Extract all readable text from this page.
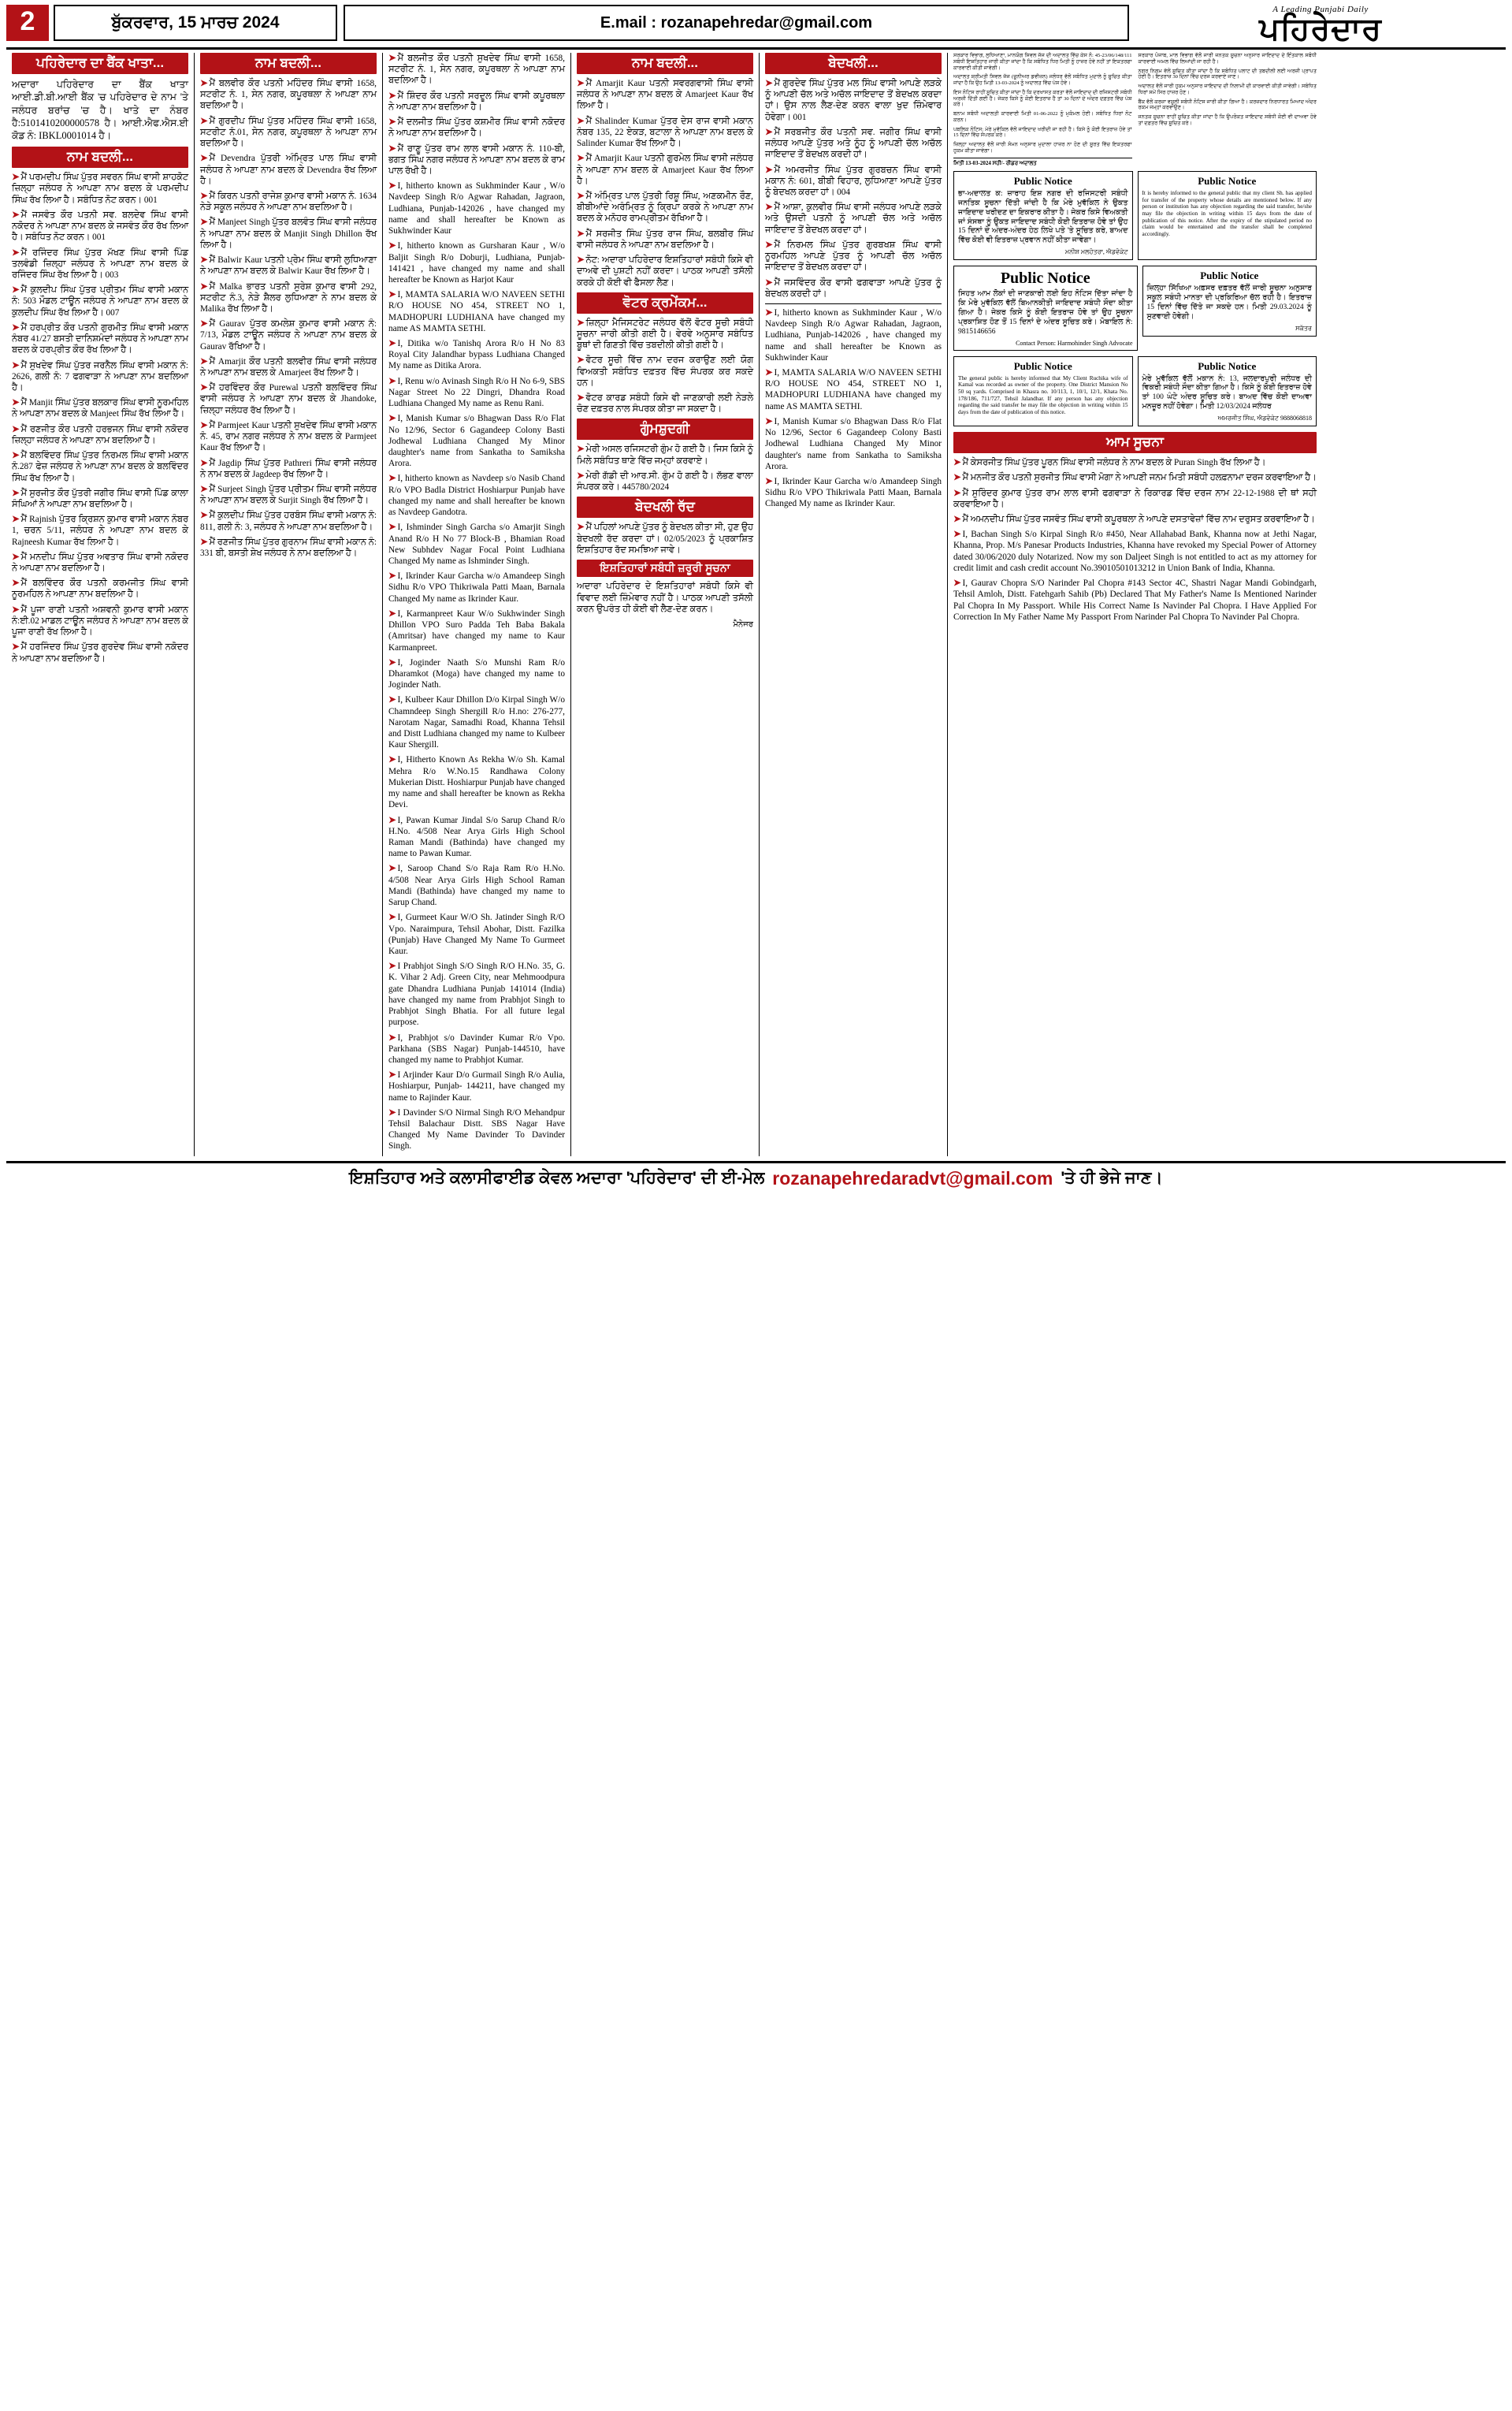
2	ਬੁੱਕਰਵਾਰ, 15 ਮਾਰਚ 2024	E.mail : rozanapehredar@gmail.com
A Leading Punjabi Daily
ਪਹਿਰੇਦਾਰ
ਪਹਿਰੇਦਾਰ ਦਾ ਬੈਂਕ ਖਾਤਾ...
ਅਦਾਰਾ ਪਹਿਰੇਦਾਰ ਦਾ ਬੈਂਕ ਖਾਤਾ ਆਈ.ਡੀ.ਬੀ.ਆਈ ਬੈਂਕ 'ਚ ਪਹਿਰੇਦਾਰ ਦੇ ਨਾਮ 'ਤੇ ਜਲੰਧਰ ਬਰਾਂਚ 'ਚ ਹੈ। ਖਾਤੇ ਦਾ ਨੰਬਰ ਹੈ:5101410200000578 ਹੈ। ਆਈ.ਐਫ.ਐਸ.ਈ ਕੋਡ ਨੰ: IBKL0001014 ਹੈ।
ਨਾਮ ਬਦਲੀ...
➤ ਮੈਂ ਪਰਮਦੀਪ ਸਿੰਘ ਪੁੱਤਰ ਸਵਰਨ ਸਿੰਘ ਵਾਸੀ ਸ਼ਾਹਕੋਟ ਜ਼ਿਲ੍ਹਾ ਜਲੰਧਰ ਨੇ ਆਪਣਾ ਨਾਮ ਬਦਲ ਕੇ ਪਰਮਦੀਪ ਸਿੰਘ ਰੱਖ ਲਿਆ ਹੈ। ਸਬੰਧਿਤ ਨੋਟ ਕਰਨ। 001
➤ ਮੈਂ ਜਸਵੰਤ ਕੌਰ ਪਤਨੀ ਸਵ. ਬਲਦੇਵ ਸਿੰਘ ਵਾਸੀ ਨਕੋਦਰ ਨੇ ਆਪਣਾ ਨਾਮ ਬਦਲ ਕੇ ਜਸਵੰਤ ਕੌਰ ਰੱਖ ਲਿਆ ਹੈ। ਸਬੰਧਿਤ ਨੋਟ ਕਰਨ। 001
➤ ਮੈਂ ਰਜਿੰਦਰ ਸਿੰਘ ਪੁੱਤਰ ਮੱਖਣ ਸਿੰਘ ਵਾਸੀ ਪਿੰਡ ਤਲਵੰਡੀ ਜ਼ਿਲ੍ਹਾ ਜਲੰਧਰ ਨੇ ਆਪਣਾ ਨਾਮ ਬਦਲ ਕੇ ਰਜਿੰਦਰ ਸਿੰਘ ਰੱਖ ਲਿਆ ਹੈ। 003
➤ ਮੈਂ ਕੁਲਦੀਪ ਸਿੰਘ ਪੁੱਤਰ ਪ੍ਰੀਤਮ ਸਿੰਘ ਵਾਸੀ ਮਕਾਨ ਨੰ: 503 ਮੌਡਲ ਟਾਊਨ ਜਲੰਧਰ ਨੇ ਆਪਣਾ ਨਾਮ ਬਦਲ ਕੇ ਕੁਲਦੀਪ ਸਿੰਘ ਰੱਖ ਲਿਆ ਹੈ। 007
➤ ਮੈਂ ਹਰਪ੍ਰੀਤ ਕੌਰ ਪਤਨੀ ਗੁਰਮੀਤ ਸਿੰਘ ਵਾਸੀ ਮਕਾਨ ਨੰਬਰ 41/27 ਬਸਤੀ ਦਾਨਿਸ਼ਮੰਦਾਂ ਜਲੰਧਰ ਨੇ ਆਪਣਾ ਨਾਮ ਬਦਲ ਕੇ ਹਰਪ੍ਰੀਤ ਕੌਰ ਰੱਖ ਲਿਆ ਹੈ।
➤ ਮੈਂ ਸੁਖਦੇਵ ਸਿੰਘ ਪੁੱਤਰ ਜਰਨੈਲ ਸਿੰਘ ਵਾਸੀ ਮਕਾਨ ਨੰ: 2626, ਗਲੀ ਨੰ: 7 ਫਗਵਾੜਾ ਨੇ ਆਪਣਾ ਨਾਮ ਬਦਲਿਆ ਹੈ।
➤ ਮੈਂ Manjit ਸਿੰਘ ਪੁੱਤਰ ਬਲਕਾਰ ਸਿੰਘ ਵਾਸੀ ਨੂਰਮਹਿਲ ਨੇ ਆਪਣਾ ਨਾਮ ਬਦਲ ਕੇ Manjeet ਸਿੰਘ ਰੱਖ ਲਿਆ ਹੈ।
➤ ਮੈਂ ਰਣਜੀਤ ਕੌਰ ਪਤਨੀ ਹਰਭਜਨ ਸਿੰਘ ਵਾਸੀ ਨਕੋਦਰ ਜ਼ਿਲ੍ਹਾ ਜਲੰਧਰ ਨੇ ਆਪਣਾ ਨਾਮ ਬਦਲਿਆ ਹੈ।
➤ ਮੈਂ ਬਲਵਿੰਦਰ ਸਿੰਘ ਪੁੱਤਰ ਨਿਰਮਲ ਸਿੰਘ ਵਾਸੀ ਮਕਾਨ ਨੰ.287 ਫੇਜ਼ ਜਲੰਧਰ ਨੇ ਆਪਣਾ ਨਾਮ ਬਦਲ ਕੇ ਬਲਵਿੰਦਰ ਸਿੰਘ ਰੱਖ ਲਿਆ ਹੈ।
➤ ਮੈਂ ਸੁਰਜੀਤ ਕੌਰ ਪੁੱਤਰੀ ਜਗੀਰ ਸਿੰਘ ਵਾਸੀ ਪਿੰਡ ਕਾਲਾ ਸੰਘਿਆਂ ਨੇ ਆਪਣਾ ਨਾਮ ਬਦਲਿਆ ਹੈ।
➤ ਮੈਂ Rajnish ਪੁੱਤਰ ਕ੍ਰਿਸ਼ਨ ਕੁਮਾਰ ਵਾਸੀ ਮਕਾਨ ਨੰਬਰ 1, ਚਰਨ 5/11, ਜਲੰਧਰ ਨੇ ਆਪਣਾ ਨਾਮ ਬਦਲ ਕੇ Rajneesh Kumar ਰੱਖ ਲਿਆ ਹੈ।
➤ ਮੈਂ ਮਨਦੀਪ ਸਿੰਘ ਪੁੱਤਰ ਅਵਤਾਰ ਸਿੰਘ ਵਾਸੀ ਨਕੋਦਰ ਨੇ ਆਪਣਾ ਨਾਮ ਬਦਲਿਆ ਹੈ।
➤ ਮੈਂ ਬਲਵਿੰਦਰ ਕੌਰ ਪਤਨੀ ਕਰਮਜੀਤ ਸਿੰਘ ਵਾਸੀ ਨੂਰਮਹਿਲ ਨੇ ਆਪਣਾ ਨਾਮ ਬਦਲਿਆ ਹੈ।
➤ ਮੈਂ ਪੂਜਾ ਰਾਣੀ ਪਤਨੀ ਅਸ਼ਵਨੀ ਕੁਮਾਰ ਵਾਸੀ ਮਕਾਨ ਨੰ:ਈ.02 ਮਾਡਲ ਟਾਊਨ ਜਲੰਧਰ ਨੇ ਆਪਣਾ ਨਾਮ ਬਦਲ ਕੇ ਪੂਜਾ ਰਾਣੀ ਰੱਖ ਲਿਆ ਹੈ।
➤ ਮੈਂ ਹਰਜਿੰਦਰ ਸਿੰਘ ਪੁੱਤਰ ਗੁਰਦੇਵ ਸਿੰਘ ਵਾਸੀ ਨਕੋਦਰ ਨੇ ਆਪਣਾ ਨਾਮ ਬਦਲਿਆ ਹੈ।
ਨਾਮ ਬਦਲੀ...
➤ ਮੈਂ ਬਲਵੀਰ ਕੌਰ ਪਤਨੀ ਮਹਿੰਦਰ ਸਿੰਘ ਵਾਸੀ 1658, ਸਟਰੀਟ ਨੰ. 1, ਸੇਨ ਨਗਰ, ਕਪੂਰਥਲਾ ਨੇ ਆਪਣਾ ਨਾਮ ਬਦਲਿਆ ਹੈ।
➤ ਮੈਂ ਗੁਰਦੀਪ ਸਿੰਘ ਪੁੱਤਰ ਮਹਿੰਦਰ ਸਿੰਘ ਵਾਸੀ 1658, ਸਟਰੀਟ ਨੰ.01, ਸੇਨ ਨਗਰ, ਕਪੂਰਥਲਾ ਨੇ ਆਪਣਾ ਨਾਮ ਬਦਲਿਆ ਹੈ।
➤ ਮੈਂ Devendra ਪੁੱਤਰੀ ਅੰਮ੍ਰਿਤ ਪਾਲ ਸਿੰਘ ਵਾਸੀ ਜਲੰਧਰ ਨੇ ਆਪਣਾ ਨਾਮ ਬਦਲ ਕੇ Devendra ਰੱਖ ਲਿਆ ਹੈ।
➤ ਮੈਂ ਕਿਰਨ ਪਤਨੀ ਰਾਜੇਸ਼ ਕੁਮਾਰ ਵਾਸੀ ਮਕਾਨ ਨੰ. 1634 ਨੇੜੇ ਸਕੂਲ ਜਲੰਧਰ ਨੇ ਆਪਣਾ ਨਾਮ ਬਦਲਿਆ ਹੈ।
➤ ਮੈਂ Manjeet Singh ਪੁੱਤਰ ਬਲਵੰਤ ਸਿੰਘ ਵਾਸੀ ਜਲੰਧਰ ਨੇ ਆਪਣਾ ਨਾਮ ਬਦਲ ਕੇ Manjit Singh Dhillon ਰੱਖ ਲਿਆ ਹੈ।
➤ ਮੈਂ Balwir Kaur ਪਤਨੀ ਪ੍ਰੇਮ ਸਿੰਘ ਵਾਸੀ ਲੁਧਿਆਣਾ ਨੇ ਆਪਣਾ ਨਾਮ ਬਦਲ ਕੇ Balwir Kaur ਰੱਖ ਲਿਆ ਹੈ।
➤ ਮੈਂ Malka ਭਾਰਤ ਪਤਨੀ ਸੁਰੇਸ਼ ਕੁਮਾਰ ਵਾਸੀ 292, ਸਟਰੀਟ ਨੰ.3, ਨੇੜੇ ਸ਼ੈਲਰ ਲੁਧਿਆਣਾ ਨੇ ਨਾਮ ਬਦਲ ਕੇ Malika ਰੱਖ ਲਿਆ ਹੈ।
➤ ਮੈਂ Gaurav ਪੁੱਤਰ ਕਮਲੇਸ਼ ਕੁਮਾਰ ਵਾਸੀ ਮਕਾਨ ਨੰ: 7/13, ਮੌਡਲ ਟਾਊਨ ਜਲੰਧਰ ਨੇ ਆਪਣਾ ਨਾਮ ਬਦਲ ਕੇ Gaurav ਰੱਖਿਆ ਹੈ।
➤ ਮੈਂ Amarjit ਕੌਰ ਪਤਨੀ ਬਲਵੀਰ ਸਿੰਘ ਵਾਸੀ ਜਲੰਧਰ ਨੇ ਆਪਣਾ ਨਾਮ ਬਦਲ ਕੇ Amarjeet ਰੱਖ ਲਿਆ ਹੈ।
➤ ਮੈਂ ਹਰਵਿੰਦਰ ਕੌਰ Purewal ਪਤਨੀ ਬਲਵਿੰਦਰ ਸਿੰਘ ਵਾਸੀ ਜਲੰਧਰ ਨੇ ਆਪਣਾ ਨਾਮ ਬਦਲ ਕੇ Jhandoke, ਜ਼ਿਲ੍ਹਾ ਜਲੰਧਰ ਰੱਖ ਲਿਆ ਹੈ।
➤ ਮੈਂ Parmjeet Kaur ਪਤਨੀ ਸੁਖਦੇਵ ਸਿੰਘ ਵਾਸੀ ਮਕਾਨ ਨੰ. 45, ਰਾਮ ਨਗਰ ਜਲੰਧਰ ਨੇ ਨਾਮ ਬਦਲ ਕੇ Parmjeet Kaur ਰੱਖ ਲਿਆ ਹੈ।
➤ ਮੈਂ Jagdip ਸਿੰਘ ਪੁੱਤਰ Pathreri ਸਿੰਘ ਵਾਸੀ ਜਲੰਧਰ ਨੇ ਨਾਮ ਬਦਲ ਕੇ Jagdeep ਰੱਖ ਲਿਆ ਹੈ।
➤ ਮੈਂ Surjeet Singh ਪੁੱਤਰ ਪ੍ਰੀਤਮ ਸਿੰਘ ਵਾਸੀ ਜਲੰਧਰ ਨੇ ਆਪਣਾ ਨਾਮ ਬਦਲ ਕੇ Surjit Singh ਰੱਖ ਲਿਆ ਹੈ।
➤ ਮੈਂ ਕੁਲਦੀਪ ਸਿੰਘ ਪੁੱਤਰ ਹਰਬੰਸ ਸਿੰਘ ਵਾਸੀ ਮਕਾਨ ਨੰ: 811, ਗਲੀ ਨੰ: 3, ਜਲੰਧਰ ਨੇ ਆਪਣਾ ਨਾਮ ਬਦਲਿਆ ਹੈ।
➤ ਮੈਂ ਰਣਜੀਤ ਸਿੰਘ ਪੁੱਤਰ ਗੁਰਨਾਮ ਸਿੰਘ ਵਾਸੀ ਮਕਾਨ ਨੰ: 331 ਬੀ, ਬਸਤੀ ਸ਼ੇਖ ਜਲੰਧਰ ਨੇ ਨਾਮ ਬਦਲਿਆ ਹੈ।
➤ ਮੈਂ ਬਲਜੀਤ ਕੌਰ ਪਤਨੀ ਸੁਖਦੇਵ ਸਿੰਘ ਵਾਸੀ 1658, ਸਟਰੀਟ ਨੰ. 1, ਸੇਨ ਨਗਰ, ਕਪੂਰਥਲਾ ਨੇ ਆਪਣਾ ਨਾਮ ਬਦਲਿਆ ਹੈ।
➤ ਮੈਂ ਸ਼ਿੰਦਰ ਕੌਰ ਪਤਨੀ ਸਰਦੂਲ ਸਿੰਘ ਵਾਸੀ ਕਪੂਰਥਲਾ ਨੇ ਆਪਣਾ ਨਾਮ ਬਦਲਿਆ ਹੈ।
➤ ਮੈਂ ਦਲਜੀਤ ਸਿੰਘ ਪੁੱਤਰ ਕਸ਼ਮੀਰ ਸਿੰਘ ਵਾਸੀ ਨਕੋਦਰ ਨੇ ਆਪਣਾ ਨਾਮ ਬਦਲਿਆ ਹੈ।
➤ ਮੈਂ ਰਾਣੂ ਪੁੱਤਰ ਰਾਮ ਲਾਲ ਵਾਸੀ ਮਕਾਨ ਨੰ. 110-ਬੀ, ਭਗਤ ਸਿੰਘ ਨਗਰ ਜਲੰਧਰ ਨੇ ਆਪਣਾ ਨਾਮ ਬਦਲ ਕੇ ਰਾਮ ਪਾਲ ਰੱਖੀ ਹੈ।
➤ I, hitherto known as Sukhminder Kaur , W/o Navdeep Singh R/o Agwar Rahadan, Jagraon, Ludhiana, Punjab-142026 , have changed my name and shall hereafter be Known as Sukhwinder Kaur
➤ I, hitherto known as Gursharan Kaur , W/o Baljit Singh R/o Doburji, Ludhiana, Punjab-141421 , have changed my name and shall hereafter be Known as Harjot Kaur
➤ I, MAMTA SALARIA W/O NAVEEN SETHI R/O HOUSE NO 454, STREET NO 1, MADHOPURI LUDHIANA have changed my name AS MAMTA SETHI.
➤ I, Ditika w/o Tanishq Arora R/o H No 83 Royal City Jalandhar bypass Ludhiana Changed My name as Ditika Arora.
➤ I, Renu w/o Avinash Singh R/o H No 6-9, SBS Nagar Street No 22 Dingri, Dhandra Road Ludhiana Changed My name as Renu Rani.
➤ I, Manish Kumar s/o Bhagwan Dass R/o Flat No 12/96, Sector 6 Gagandeep Colony Basti Jodhewal Ludhiana Changed My Minor daughter's name from Sankatha to Samiksha Arora.
➤ I, hitherto known as Navdeep s/o Nasib Chand R/o VPO Badla District Hoshiarpur Punjab have changed my name and shall hereafter be known as Navdeep Gandotra.
➤ I, Ishminder Singh Garcha s/o Amarjit Singh Anand R/o H No 77 Block-B , Bhamian Road New Subhdev Nagar Focal Point Ludhiana Changed My name as Ishminder Singh.
➤ I, Ikrinder Kaur Garcha w/o Amandeep Singh Sidhu R/o VPO Thikriwala Patti Maan, Barnala Changed My name as Ikrinder Kaur.
➤ I, Karmanpreet Kaur W/o Sukhwinder Singh Dhillon VPO Suro Padda Teh Baba Bakala (Amritsar) have changed my name to Kaur Karmanpreet.
➤ I, Joginder Naath S/o Munshi Ram R/o Dharamkot (Moga) have changed my name to Joginder Nath.
➤ I, Kulbeer Kaur Dhillon D/o Kirpal Singh W/o Chamndeep Singh Shergill R/o H.no: 276-277, Narotam Nagar, Samadhi Road, Khanna Tehsil and Distt Ludhiana changed my name to Kulbeer Kaur Shergill.
➤ I, Hitherto Known As Rekha W/o Sh. Kamal Mehra R/o W.No.15 Randhawa Colony Mukerian Distt. Hoshiarpur Punjab have changed my name and shall hereafter be known as Rekha Devi.
➤ I, Pawan Kumar Jindal S/o Sarup Chand R/o H.No. 4/508 Near Arya Girls High School Raman Mandi (Bathinda) have changed my name to Pawan Kumar.
➤ I, Saroop Chand S/o Raja Ram R/o H.No. 4/508 Near Arya Girls High School Raman Mandi (Bathinda) have changed my name to Sarup Chand.
➤ I, Gurmeet Kaur W/O Sh. Jatinder Singh R/O Vpo. Naraimpura, Tehsil Abohar, Distt. Fazilka (Punjab) Have Changed My Name To Gurmeet Kaur.
➤ I Prabhjot Singh S/O Singh R/O H.No. 35, G. K. Vihar 2 Adj. Green City, near Mehmoodpura gate Dhandra Ludhiana Punjab 141014 (India) have changed my name from Prabhjot Singh to Prabhjot Singh Bhatia. For all future legal purpose.
➤ I, Prabhjot s/o Davinder Kumar R/o Vpo. Parkhana (SBS Nagar) Punjab-144510, have changed my name to Prabhjot Kumar.
➤ I Arjinder Kaur D/o Gurmail Singh R/o Aulia, Hoshiarpur, Punjab- 144211, have changed my name to Rajinder Kaur.
➤ I Davinder S/O Nirmal Singh R/O Mehandpur Tehsil Balachaur Distt. SBS Nagar Have Changed My Name Davinder To Davinder Singh.
ਨਾਮ ਬਦਲੀ...
➤ ਮੈਂ Amarjit Kaur ਪਤਨੀ ਸਵਰਗਵਾਸੀ ਸਿੰਘ ਵਾਸੀ ਜਲੰਧਰ ਨੇ ਆਪਣਾ ਨਾਮ ਬਦਲ ਕੇ Amarjeet Kaur ਰੱਖ ਲਿਆ ਹੈ।
➤ ਮੈਂ Shalinder Kumar ਪੁੱਤਰ ਦੇਸ ਰਾਜ ਵਾਸੀ ਮਕਾਨ ਨੰਬਰ 135, 22 ਏਕੜ, ਬਟਾਲਾ ਨੇ ਆਪਣਾ ਨਾਮ ਬਦਲ ਕੇ Salinder Kumar ਰੱਖ ਲਿਆ ਹੈ।
➤ ਮੈਂ Amarjit Kaur ਪਤਨੀ ਗੁਰਮੇਲ ਸਿੰਘ ਵਾਸੀ ਜਲੰਧਰ ਨੇ ਆਪਣਾ ਨਾਮ ਬਦਲ ਕੇ Amarjeet Kaur ਰੱਖ ਲਿਆ ਹੈ।
➤ ਮੈਂ ਅੰਮ੍ਰਿਤ ਪਾਲ ਪੁੱਤਰੀ ਰਿਸ਼ੂ ਸਿੰਘ, ਅਣਕਮੀਨ ਰੌਣ, ਬੀਬੀਆਂਦੇ ਅਰੰਮ੍ਰਿਤ ਨੂੰ ਕ੍ਰਿਪਾ ਕਰਕੇ ਨੇ ਆਪਣਾ ਨਾਮ ਬਦਲ ਕੇ ਮਨੋਹਰ ਰਾਮਪ੍ਰੀਤਮ ਰੱਖਿਆ ਹੈ।
➤ ਮੈਂ ਸਰਜੀਤ ਸਿੰਘ ਪੁੱਤਰ ਰਾਜ ਸਿੰਘ, ਬਲਬੀਰ ਸਿੰਘ ਵਾਸੀ ਜਲੰਧਰ ਨੇ ਆਪਣਾ ਨਾਮ ਬਦਲਿਆ ਹੈ।
➤ ਨੋਟ: ਅਦਾਰਾ ਪਹਿਰੇਦਾਰ ਇਸ਼ਤਿਹਾਰਾਂ ਸਬੰਧੀ ਕਿਸੇ ਵੀ ਦਾਅਵੇ ਦੀ ਪੁਸ਼ਟੀ ਨਹੀਂ ਕਰਦਾ। ਪਾਠਕ ਆਪਣੀ ਤਸੱਲੀ ਕਰਕੇ ਹੀ ਕੋਈ ਵੀ ਫੈਸਲਾ ਲੈਣ।
ਵੋਟਰ ਕ੍ਰਮੇਂਕਮ...
➤ ਜ਼ਿਲ੍ਹਾ ਮੈਜਿਸਟਰੇਟ ਜਲੰਧਰ ਵੱਲੋਂ ਵੋਟਰ ਸੂਚੀ ਸਬੰਧੀ ਸੂਚਨਾ ਜਾਰੀ ਕੀਤੀ ਗਈ ਹੈ। ਵੇਰਵੇ ਅਨੁਸਾਰ ਸਬੰਧਿਤ ਬੂਥਾਂ ਦੀ ਗਿਣਤੀ ਵਿੱਚ ਤਬਦੀਲੀ ਕੀਤੀ ਗਈ ਹੈ।
➤ ਵੋਟਰ ਸੂਚੀ ਵਿੱਚ ਨਾਮ ਦਰਜ ਕਰਾਉਣ ਲਈ ਯੋਗ ਵਿਅਕਤੀ ਸਬੰਧਿਤ ਦਫ਼ਤਰ ਵਿੱਚ ਸੰਪਰਕ ਕਰ ਸਕਦੇ ਹਨ।
➤ ਵੋਟਰ ਕਾਰਡ ਸਬੰਧੀ ਕਿਸੇ ਵੀ ਜਾਣਕਾਰੀ ਲਈ ਨੇੜਲੇ ਚੋਣ ਦਫ਼ਤਰ ਨਾਲ ਸੰਪਰਕ ਕੀਤਾ ਜਾ ਸਕਦਾ ਹੈ।
ਗੁੰਮਸ਼ੁਦਗੀ
➤ ਮੇਰੀ ਅਸਲ ਰਜਿਸਟਰੀ ਗੁੰਮ ਹੋ ਗਈ ਹੈ। ਜਿਸ ਕਿਸੇ ਨੂੰ ਮਿਲੇ ਸਬੰਧਿਤ ਥਾਣੇ ਵਿੱਚ ਜਮ੍ਹਾਂ ਕਰਵਾਏ।
➤ ਮੇਰੀ ਗੱਡੀ ਦੀ ਆਰ.ਸੀ. ਗੁੰਮ ਹੋ ਗਈ ਹੈ। ਲੱਭਣ ਵਾਲਾ ਸੰਪਰਕ ਕਰੇ। 445780/2024
ਬੇਦਖਲੀ ਰੱਦ
➤ ਮੈਂ ਪਹਿਲਾਂ ਆਪਣੇ ਪੁੱਤਰ ਨੂੰ ਬੇਦਖਲ ਕੀਤਾ ਸੀ, ਹੁਣ ਉਹ ਬੇਦਖਲੀ ਰੱਦ ਕਰਦਾ ਹਾਂ। 02/05/2023 ਨੂੰ ਪ੍ਰਕਾਸ਼ਿਤ ਇਸ਼ਤਿਹਾਰ ਰੱਦ ਸਮਝਿਆ ਜਾਵੇ।
ਇਸ਼ਤਿਹਾਰਾਂ ਸਬੰਧੀ ਜ਼ਰੂਰੀ ਸੂਚਨਾ
ਅਦਾਰਾ ਪਹਿਰੇਦਾਰ ਦੇ ਇਸ਼ਤਿਹਾਰਾਂ ਸਬੰਧੀ ਕਿਸੇ ਵੀ ਵਿਵਾਦ ਲਈ ਜ਼ਿੰਮੇਵਾਰ ਨਹੀਂ ਹੈ। ਪਾਠਕ ਆਪਣੀ ਤਸੱਲੀ ਕਰਨ ਉਪਰੰਤ ਹੀ ਕੋਈ ਵੀ ਲੈਣ-ਦੇਣ ਕਰਨ।
ਮੈਨੇਜਰ
ਬੇਦਖਲੀ...
➤ ਮੈਂ ਗੁਰਦੇਵ ਸਿੰਘ ਪੁੱਤਰ ਮਲ ਸਿੰਘ ਵਾਸੀ ਆਪਣੇ ਲੜਕੇ ਨੂੰ ਆਪਣੀ ਚੱਲ ਅਤੇ ਅਚੱਲ ਜਾਇਦਾਦ ਤੋਂ ਬੇਦਖਲ ਕਰਦਾ ਹਾਂ। ਉਸ ਨਾਲ ਲੈਣ-ਦੇਣ ਕਰਨ ਵਾਲਾ ਖੁਦ ਜ਼ਿੰਮੇਵਾਰ ਹੋਵੇਗਾ। 001
➤ ਮੈਂ ਸਰਬਜੀਤ ਕੌਰ ਪਤਨੀ ਸਵ. ਜਗੀਰ ਸਿੰਘ ਵਾਸੀ ਜਲੰਧਰ ਆਪਣੇ ਪੁੱਤਰ ਅਤੇ ਨੂੰਹ ਨੂੰ ਆਪਣੀ ਚੱਲ ਅਚੱਲ ਜਾਇਦਾਦ ਤੋਂ ਬੇਦਖਲ ਕਰਦੀ ਹਾਂ।
➤ ਮੈਂ ਅਮਰਜੀਤ ਸਿੰਘ ਪੁੱਤਰ ਗੁਰਬਚਨ ਸਿੰਘ ਵਾਸੀ ਮਕਾਨ ਨੰ: 601, ਬੀਬੀ ਵਿਹਾਰ, ਲੁਧਿਆਣਾ ਆਪਣੇ ਪੁੱਤਰ ਨੂੰ ਬੇਦਖਲ ਕਰਦਾ ਹਾਂ। 004
➤ ਮੈਂ ਆਸ਼ਾ, ਕੁਲਵੀਰ ਸਿੰਘ ਵਾਸੀ ਜਲੰਧਰ ਆਪਣੇ ਲੜਕੇ ਅਤੇ ਉਸਦੀ ਪਤਨੀ ਨੂੰ ਆਪਣੀ ਚੱਲ ਅਤੇ ਅਚੱਲ ਜਾਇਦਾਦ ਤੋਂ ਬੇਦਖਲ ਕਰਦਾ ਹਾਂ।
➤ ਮੈਂ ਨਿਰਮਲ ਸਿੰਘ ਪੁੱਤਰ ਗੁਰਬਖਸ਼ ਸਿੰਘ ਵਾਸੀ ਨੂਰਮਹਿਲ ਆਪਣੇ ਪੁੱਤਰ ਨੂੰ ਆਪਣੀ ਚੱਲ ਅਚੱਲ ਜਾਇਦਾਦ ਤੋਂ ਬੇਦਖਲ ਕਰਦਾ ਹਾਂ।
➤ ਮੈਂ ਜਸਵਿੰਦਰ ਕੌਰ ਵਾਸੀ ਫਗਵਾੜਾ ਆਪਣੇ ਪੁੱਤਰ ਨੂੰ ਬੇਦਖਲ ਕਰਦੀ ਹਾਂ।
➤ I, hitherto known as Sukhminder Kaur , W/o Navdeep Singh R/o Agwar Rahadan, Jagraon, Ludhiana, Punjab-142026 , have changed my name and shall hereafter be Known as Sukhwinder Kaur
➤ I, MAMTA SALARIA W/O NAVEEN SETHI R/O HOUSE NO 454, STREET NO 1, MADHOPURI LUDHIANA have changed my name AS MAMTA SETHI.
➤ I, Manish Kumar s/o Bhagwan Dass R/o Flat No 12/96, Sector 6 Gagandeep Colony Basti Jodhewal Ludhiana Changed My Minor daughter's name from Sankatha to Samiksha Arora.
➤ I, Ikrinder Kaur Garcha w/o Amandeep Singh Sidhu R/o VPO Thikriwala Patti Maan, Barnala Changed My name as Ikrinder Kaur.

ਸਰਕਾਰ ਵਿਭਾਗ, ਲੁਧਿਆਣਾ, ਮਾਨਯੋਗ ਸਿਵਲ ਜੱਜ ਦੀ ਅਦਾਲਤ ਵਿੱਚ ਕੇਸ ਨੰ: 45-23/06/148/111 ਸਬੰਧੀ ਇਸ਼ਤਿਹਾਰ ਜਾਰੀ ਕੀਤਾ ਜਾਂਦਾ ਹੈ ਕਿ ਸਬੰਧਿਤ ਧਿਰ ਮਿਤੀ ਨੂੰ ਹਾਜ਼ਰ ਹੋਵੇ ਨਹੀਂ ਤਾਂ ਇਕਤਰਫਾ ਕਾਰਵਾਈ ਕੀਤੀ ਜਾਵੇਗੀ।

ਅਦਾਲਤ ਸ਼੍ਰੀਮਤੀ ਸਿਵਲ ਜੱਜ (ਜੂਨੀਅਰ ਡਵੀਜ਼ਨ) ਜਲੰਧਰ ਵੱਲੋਂ ਸਬੰਧਿਤ ਮੁਦਾਲੇ ਨੂੰ ਸੂਚਿਤ ਕੀਤਾ ਜਾਂਦਾ ਹੈ ਕਿ ਉਹ ਮਿਤੀ 13-03-2024 ਨੂੰ ਅਦਾਲਤ ਵਿੱਚ ਪੇਸ਼ ਹੋਵੇ।

ਇਸ ਨੋਟਿਸ ਰਾਹੀਂ ਸੂਚਿਤ ਕੀਤਾ ਜਾਂਦਾ ਹੈ ਕਿ ਦਰਖਾਸਤ ਕਰਤਾ ਵੱਲੋਂ ਜਾਇਦਾਦ ਦੀ ਰਜਿਸਟਰੀ ਸਬੰਧੀ ਅਰਜ਼ੀ ਦਿੱਤੀ ਗਈ ਹੈ। ਜੇਕਰ ਕਿਸੇ ਨੂੰ ਕੋਈ ਇਤਰਾਜ਼ ਹੈ ਤਾਂ 30 ਦਿਨਾਂ ਦੇ ਅੰਦਰ ਦਫ਼ਤਰ ਵਿੱਚ ਪੇਸ਼ ਕਰੇ।

ਬਨਾਮ ਸਬੰਧੀ ਅਦਾਲਤੀ ਕਾਰਵਾਈ ਮਿਤੀ 01-06-2022 ਨੂੰ ਮੁਕੰਮਲ ਹੋਈ। ਸਬੰਧਿਤ ਧਿਰਾਂ ਨੋਟ ਕਰਨ।

ਪਬਲਿਕ ਨੋਟਿਸ: ਮੇਰੇ ਮੁਵੱਕਿਲ ਵੱਲੋਂ ਜਾਇਦਾਦ ਖਰੀਦੀ ਜਾ ਰਹੀ ਹੈ। ਕਿਸੇ ਨੂੰ ਕੋਈ ਇਤਰਾਜ਼ ਹੋਵੇ ਤਾਂ 15 ਦਿਨਾਂ ਵਿੱਚ ਸੰਪਰਕ ਕਰੇ।

ਜ਼ਿਲ੍ਹਾ ਅਦਾਲਤ ਵੱਲੋਂ ਜਾਰੀ ਸੰਮਨ ਅਨੁਸਾਰ ਮੁਦਾਲਾ ਹਾਜ਼ਰ ਨਾ ਹੋਣ ਦੀ ਸੂਰਤ ਵਿੱਚ ਇਕਤਰਫਾ ਹੁਕਮ ਕੀਤਾ ਜਾਵੇਗਾ।

ਮਿਤੀ 13-03-2024 ਸਹੀ/- ਰੀਡਰ ਅਦਾਲਤ

ਸਰਕਾਰ ਪੰਜਾਬ, ਮਾਲ ਵਿਭਾਗ ਵੱਲੋਂ ਜਾਰੀ ਜਨਤਕ ਸੂਚਨਾ ਅਨੁਸਾਰ ਜਾਇਦਾਦ ਦੇ ਇੰਤਕਾਲ ਸਬੰਧੀ ਕਾਰਵਾਈ ਅਮਲ ਵਿੱਚ ਲਿਆਂਦੀ ਜਾ ਰਹੀ ਹੈ।

ਨਗਰ ਨਿਗਮ ਵੱਲੋਂ ਸੂਚਿਤ ਕੀਤਾ ਜਾਂਦਾ ਹੈ ਕਿ ਸਬੰਧਿਤ ਪਲਾਟ ਦੀ ਤਬਦੀਲੀ ਲਈ ਅਰਜ਼ੀ ਪ੍ਰਾਪਤ ਹੋਈ ਹੈ। ਇਤਰਾਜ਼ 30 ਦਿਨਾਂ ਵਿੱਚ ਦਰਜ ਕਰਵਾਏ ਜਾਣ।

ਅਦਾਲਤ ਵੱਲੋਂ ਜਾਰੀ ਹੁਕਮ ਅਨੁਸਾਰ ਜਾਇਦਾਦ ਦੀ ਨਿਲਾਮੀ ਦੀ ਕਾਰਵਾਈ ਕੀਤੀ ਜਾਵੇਗੀ। ਸਬੰਧਿਤ ਧਿਰਾਂ ਸਮੇਂ ਸਿਰ ਹਾਜ਼ਰ ਹੋਣ।

ਬੈਂਕ ਵੱਲੋਂ ਕਰਜ਼ਾ ਵਸੂਲੀ ਸਬੰਧੀ ਨੋਟਿਸ ਜਾਰੀ ਕੀਤਾ ਗਿਆ ਹੈ। ਕਰਜ਼ਦਾਰ ਨਿਰਧਾਰਤ ਮਿਆਦ ਅੰਦਰ ਰਕਮ ਜਮ੍ਹਾਂ ਕਰਵਾਉਣ।

ਜਨਤਕ ਸੂਚਨਾ ਰਾਹੀਂ ਸੂਚਿਤ ਕੀਤਾ ਜਾਂਦਾ ਹੈ ਕਿ ਉਪਰੋਕਤ ਜਾਇਦਾਦ ਸਬੰਧੀ ਕੋਈ ਵੀ ਦਾਅਵਾ ਹੋਵੇ ਤਾਂ ਦਫ਼ਤਰ ਵਿੱਚ ਸੂਚਿਤ ਕਰੇ।

Public Notice

ਭਾ-ਅਦਾਲਤ ਕ: ਜ਼ਾਰਾਹ ਇਸ਼ ਨਗਰ ਦੀ ਰਜਿਸਟਰੀ ਸਬੰਧੀ ਜਨਤਿਕ ਸੂਚਨਾ ਦਿੱਤੀ ਜਾਂਦੀ ਹੈ ਕਿ ਮੇਰੇ ਮੁਵੱਕਿਲ ਨੇ ਉਕਤ ਜਾਇਦਾਦ ਖਰੀਦਣ ਦਾ ਇਕਰਾਰ ਕੀਤਾ ਹੈ। ਜੇਕਰ ਕਿਸੇ ਵਿਅਕਤੀ ਜਾਂ ਸੰਸਥਾ ਨੂੰ ਉਕਤ ਜਾਇਦਾਦ ਸਬੰਧੀ ਕੋਈ ਇਤਰਾਜ਼ ਹੋਵੇ ਤਾਂ ਉਹ 15 ਦਿਨਾਂ ਦੇ ਅੰਦਰ-ਅੰਦਰ ਹੇਠ ਲਿਖੇ ਪਤੇ 'ਤੇ ਸੂਚਿਤ ਕਰੇ, ਬਾਅਦ ਵਿੱਚ ਕੋਈ ਵੀ ਇਤਰਾਜ਼ ਪ੍ਰਵਾਨ ਨਹੀਂ ਕੀਤਾ ਜਾਵੇਗਾ।

ਮਨੀਸ਼ ਮਲਹੋਤਰਾ, ਐਡਵੋਕੇਟ
Public Notice

It is hereby informed to the general public that my client Sh. has applied for transfer of the property whose details are mentioned below. If any person or institution has any objection regarding the said transfer, he/she may file the objection in writing within 15 days from the date of publication of this notice. After the expiry of the stipulated period no claim would be entertained and the transfer shall be completed accordingly.

Public Notice

ਸਿਹਤ ਆਮ ਲੋਕਾਂ ਦੀ ਜਾਣਕਾਰੀ ਲਈ ਇਹ ਨੋਟਿਸ ਦਿੱਤਾ ਜਾਂਦਾ ਹੈ ਕਿ ਮੇਰੇ ਮੁਵੱਕਿਲ ਵੱਲੋਂ ਬਿਆਨਕੀਤੀ ਜਾਇਦਾਦ ਸਬੰਧੀ ਸੌਦਾ ਕੀਤਾ ਗਿਆ ਹੈ। ਜੇਕਰ ਕਿਸੇ ਨੂੰ ਕੋਈ ਇਤਰਾਜ਼ ਹੋਵੇ ਤਾਂ ਉਹ ਸੂਚਨਾ ਪ੍ਰਕਾਸ਼ਿਤ ਹੋਣ ਤੋਂ 15 ਦਿਨਾਂ ਦੇ ਅੰਦਰ ਸੂਚਿਤ ਕਰੇ। ਮੋਬਾਇਲ ਨੰ: 9815146656

Contact Person: Harmohinder Singh Advocate
Public Notice

ਜ਼ਿਲ੍ਹਾ ਸਿੱਖਿਆ ਅਫ਼ਸਰ ਦਫ਼ਤਰ ਵੱਲੋਂ ਜਾਰੀ ਸੂਚਨਾ ਅਨੁਸਾਰ ਸਕੂਲ ਸਬੰਧੀ ਮਾਨਤਾ ਦੀ ਪ੍ਰਕਿਰਿਆ ਚੱਲ ਰਹੀ ਹੈ। ਇਤਰਾਜ਼ 15 ਦਿਨਾਂ ਵਿੱਚ ਦਿੱਤੇ ਜਾ ਸਕਦੇ ਹਨ। ਮਿਤੀ 29.03.2024 ਨੂੰ ਸੁਣਵਾਈ ਹੋਵੇਗੀ।

ਸਕੱਤਰ
Public Notice

The general public is hereby informed that My Client Ruchika wife of Kamal was recorded as owner of the property. One District Mansion No 50 sq yards. Comprised in Khasra no. 10/113, 1, 10/1, 12/1, Khata No. 178/186, 711/727, Tehsil Jalandhar. If any person has any objection regarding the said transfer he may file the objection in writing within 15 days from the date of publication of this notice.

Public Notice

ਮੇਰੇ ਮੁਵੱਕਿਲ ਵੱਲੋਂ ਮਕਾਨ ਨੰ: 13, ਜਲਦਾਰਪੁਰੀ ਜਲੰਧਰ ਦੀ ਵਿਕਰੀ ਸਬੰਧੀ ਸੌਦਾ ਕੀਤਾ ਗਿਆ ਹੈ। ਕਿਸੇ ਨੂੰ ਕੋਈ ਇਤਰਾਜ਼ ਹੋਵੇ ਤਾਂ 100 ਘੰਟੇ ਅੰਦਰ ਸੂਚਿਤ ਕਰੇ। ਬਾਅਦ ਵਿੱਚ ਕੋਈ ਦਾਅਵਾ ਮਨਜ਼ੂਰ ਨਹੀਂ ਹੋਵੇਗਾ। ਮਿਤੀ 12/03/2024 ਜਲੰਧਰ

ਅਮਰਜੀਤ ਸਿੰਘ, ਐਡਵੋਕੇਟ 9888068818
ਆਮ ਸੂਚਨਾ
➤ ਮੈਂ ਕੇਸਰਜੀਤ ਸਿੰਘ ਪੁੱਤਰ ਪੂਰਨ ਸਿੰਘ ਵਾਸੀ ਜਲੰਧਰ ਨੇ ਨਾਮ ਬਦਲ ਕੇ Puran Singh ਰੱਖ ਲਿਆ ਹੈ।
➤ ਮੈਂ ਮਨਜੀਤ ਕੌਰ ਪਤਨੀ ਸੁਰਜੀਤ ਸਿੰਘ ਵਾਸੀ ਮੋਗਾ ਨੇ ਆਪਣੀ ਜਨਮ ਮਿਤੀ ਸਬੰਧੀ ਹਲਫ਼ਨਾਮਾ ਦਰਜ ਕਰਵਾਇਆ ਹੈ।
➤ ਮੈਂ ਸੁਰਿੰਦਰ ਕੁਮਾਰ ਪੁੱਤਰ ਰਾਮ ਲਾਲ ਵਾਸੀ ਫਗਵਾੜਾ ਨੇ ਰਿਕਾਰਡ ਵਿੱਚ ਦਰਜ ਨਾਮ 22-12-1988 ਦੀ ਥਾਂ ਸਹੀ ਕਰਵਾਇਆ ਹੈ।
➤ ਮੈਂ ਅਮਨਦੀਪ ਸਿੰਘ ਪੁੱਤਰ ਜਸਵੰਤ ਸਿੰਘ ਵਾਸੀ ਕਪੂਰਥਲਾ ਨੇ ਆਪਣੇ ਦਸਤਾਵੇਜ਼ਾਂ ਵਿੱਚ ਨਾਮ ਦਰੁਸਤ ਕਰਵਾਇਆ ਹੈ।
➤ I, Bachan Singh S/o Kirpal Singh R/o #450, Near Allahabad Bank, Khanna now at Jethi Nagar, Khanna, Prop. M/s Panesar Products Industries, Khanna have revoked my Special Power of Attorney dated 30/06/2020 duly Notarized. Now my son Daljeet Singh is not entitled to act as my attorney for credit limit and cash credit account No.39010501013212 in Union Bank of India, Khanna.
➤ I, Gaurav Chopra S/O Narinder Pal Chopra #143 Sector 4C, Shastri Nagar Mandi Gobindgarh, Tehsil Amloh, Distt. Fatehgarh Sahib (Pb) Declared That My Father's Name Is Mentioned Narinder Pal Chopra In My Passport. While His Correct Name Is Navinder Pal Chopra. I Have Applied For Correction In My Father Name My Passport From Narinder Pal Chopra To Navinder Pal Chopra.
ਇਸ਼ਤਿਹਾਰ ਅਤੇ ਕਲਾਸੀਫਾਈਡ ਕੇਵਲ ਅਦਾਰਾ 'ਪਹਿਰੇਦਾਰ' ਦੀ ਈ-ਮੇਲ rozanapehredaradvt@gmail.com 'ਤੇ ਹੀ ਭੇਜੇ ਜਾਣ।
